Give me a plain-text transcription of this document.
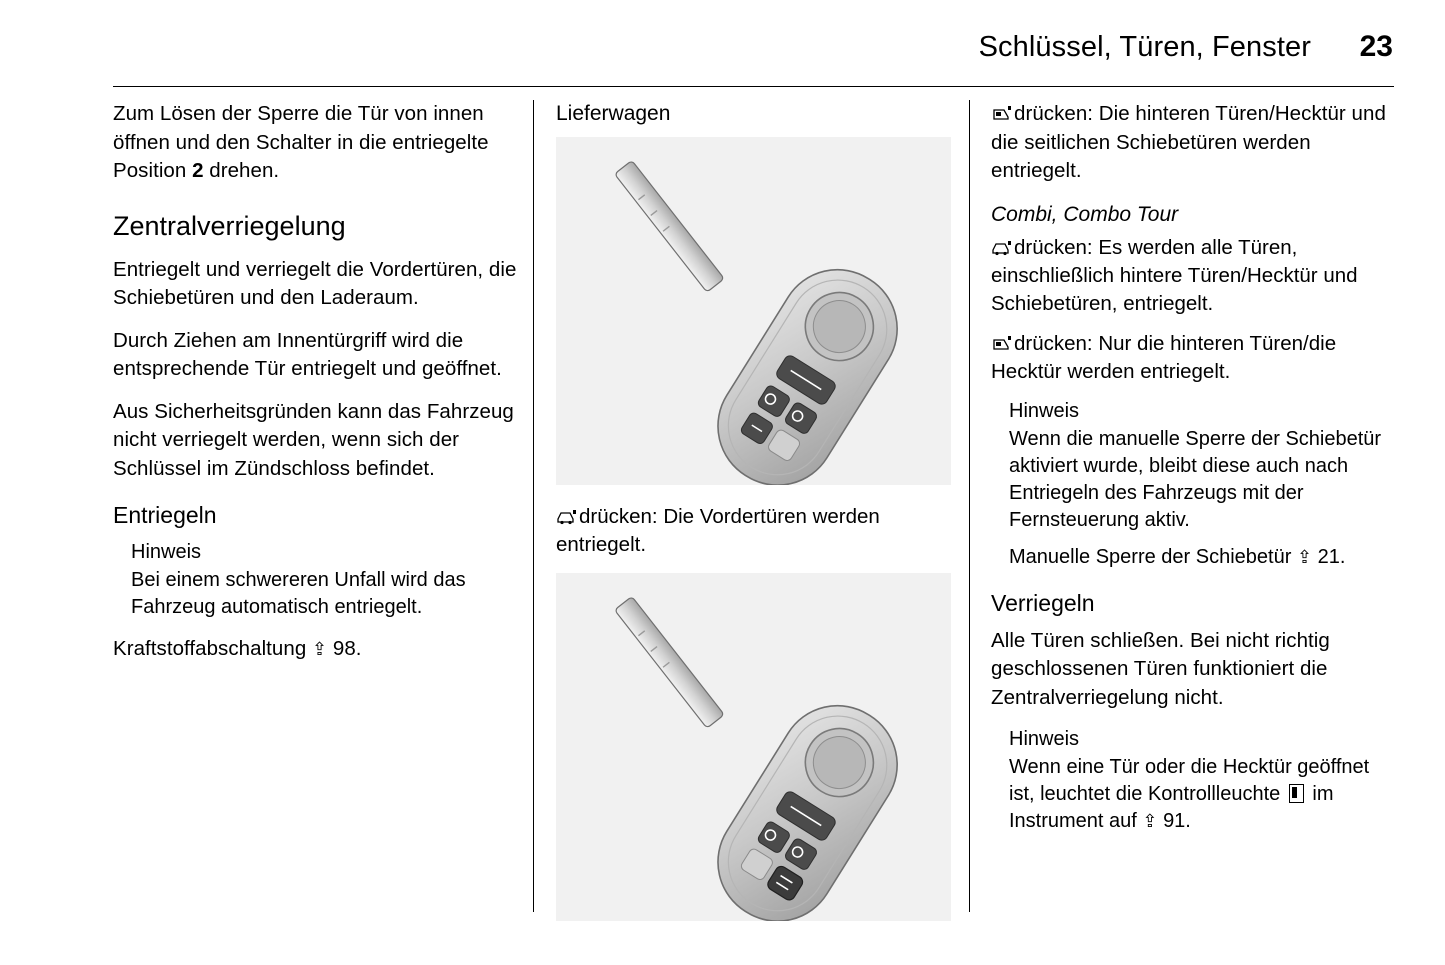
Schlüssel, Türen, Fenster	23

Zum Lösen der Sperre die Tür von innen öffnen und den Schalter in die entriegelte Position 2 drehen.

Zentralverriegelung

Entriegelt und verriegelt die Vordertüren, die Schiebetüren und den Laderaum.

Durch Ziehen am Innentürgriff wird die entsprechende Tür entriegelt und geöffnet.

Aus Sicherheitsgründen kann das Fahrzeug nicht verriegelt werden, wenn sich der Schlüssel im Zündschloss befindet.

Entriegeln
Hinweis
Bei einem schwereren Unfall wird das Fahrzeug automatisch entriegelt.

Kraftstoffabschaltung ⇪ 98.

Lieferwagen

drücken: Die Vordertüren werden entriegelt.

drücken: Die hinteren Türen/Hecktür und die seitlichen Schiebetüren werden entriegelt.

Combi, Combo Tour

drücken: Es werden alle Türen, einschließlich hintere Türen/Hecktür und Schiebetüren, entriegelt.

drücken: Nur die hinteren Türen/die Hecktür werden entriegelt.

Hinweis
Wenn die manuelle Sperre der Schiebetür aktiviert wurde, bleibt diese auch nach Entriegeln des Fahrzeugs mit der Fernsteuerung aktiv.
Manuelle Sperre der Schiebetür ⇪ 21.
Verriegeln

Alle Türen schließen. Bei nicht richtig geschlossenen Türen funktioniert die Zentralverriegelung nicht.

Hinweis
Wenn eine Tür oder die Hecktür geöffnet ist, leuchtet die Kontrollleuchte  im Instrument auf ⇪ 91.
